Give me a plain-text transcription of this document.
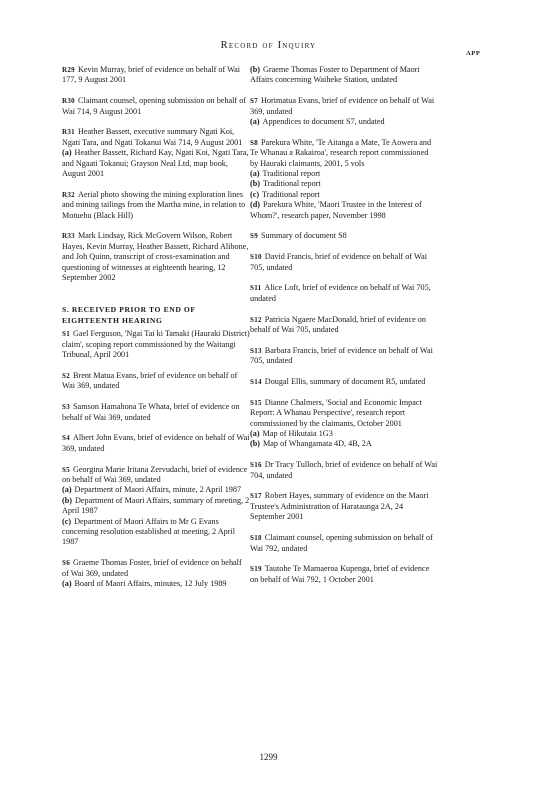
Record of Inquiry
APP
R29 Kevin Murray, brief of evidence on behalf of Wai 177, 9 August 2001
R30 Claimant counsel, opening submission on behalf of Wai 714, 9 August 2001
R31 Heather Bassett, executive summary Ngati Koi, Ngati Tara, and Ngati Tokanui Wai 714, 9 August 2001
(a) Heather Bassett, Richard Kay, Ngati Koi, Ngati Tara, and Ngaati Tokanui; Grayson Neal Ltd, map book, August 2001
R32 Aerial photo showing the mining exploration lines and mining tailings from the Martha mine, in relation to Motuehu (Black Hill)
R33 Mark Lindsay, Rick McGovern Wilson, Robert Hayes, Kevin Murray, Heather Bassett, Richard Alibone, and Joh Quinn, transcript of cross-examination and questioning of witnesses at eighteenth hearing, 12 September 2002
S. RECEIVED PRIOR TO END OF EIGHTEENTH HEARING
S1 Gael Ferguson, 'Ngai Tai ki Tamaki (Hauraki District) claim', scoping report commissioned by the Waitangi Tribunal, April 2001
S2 Brent Matua Evans, brief of evidence on behalf of Wai 369, undated
S3 Samson Hamahona Te Whata, brief of evidence on behalf of Wai 369, undated
S4 Albert John Evans, brief of evidence on behalf of Wai 369, undated
S5 Georgina Marie Iritana Zervudachi, brief of evidence on behalf of Wai 369, undated
(a) Department of Maori Affairs, minute, 2 April 1987
(b) Department of Maori Affairs, summary of meeting, 2 April 1987
(c) Department of Maori Affairs to Mr G Evans concerning resolution established at meeting, 2 April 1987
S6 Graeme Thomas Foster, brief of evidence on behalf of Wai 369, undated
(a) Board of Maori Affairs, minutes, 12 July 1989
(b) Graeme Thomas Foster to Department of Maori Affairs concerning Waiheke Station, undated
S7 Horimatua Evans, brief of evidence on behalf of Wai 369, undated
(a) Appendices to document S7, undated
S8 Parekura White, 'Te Aitanga a Mate, Te Aowera and Te Whanau a Rakairoa', research report commissioned by Hauraki claimants, 2001, 5 vols
(a) Traditional report
(b) Traditional report
(c) Traditional report
(d) Parekura White, 'Maori Trustee in the Interest of Whom?', research paper, November 1998
S9 Summary of document S8
S10 David Francis, brief of evidence on behalf of Wai 705, undated
S11 Alice Loft, brief of evidence on behalf of Wai 705, undated
S12 Patricia Ngaere MacDonald, brief of evidence on behalf of Wai 705, undated
S13 Barbara Francis, brief of evidence on behalf of Wai 705, undated
S14 Dougal Ellis, summary of document R5, undated
S15 Dianne Chalmers, 'Social and Economic Impact Report: A Whanau Perspective', research report commissioned by the claimants, October 2001
(a) Map of Hikutaia 1G3
(b) Map of Whangamata 4D, 4B, 2A
S16 Dr Tracy Tulloch, brief of evidence on behalf of Wai 704, undated
S17 Robert Hayes, summary of evidence on the Maori Trustee's Administration of Harataunga 2A, 24 September 2001
S18 Claimant counsel, opening submission on behalf of Wai 792, undated
S19 Tautohe Te Mamaeroa Kupenga, brief of evidence on behalf of Wai 792, 1 October 2001
1299
